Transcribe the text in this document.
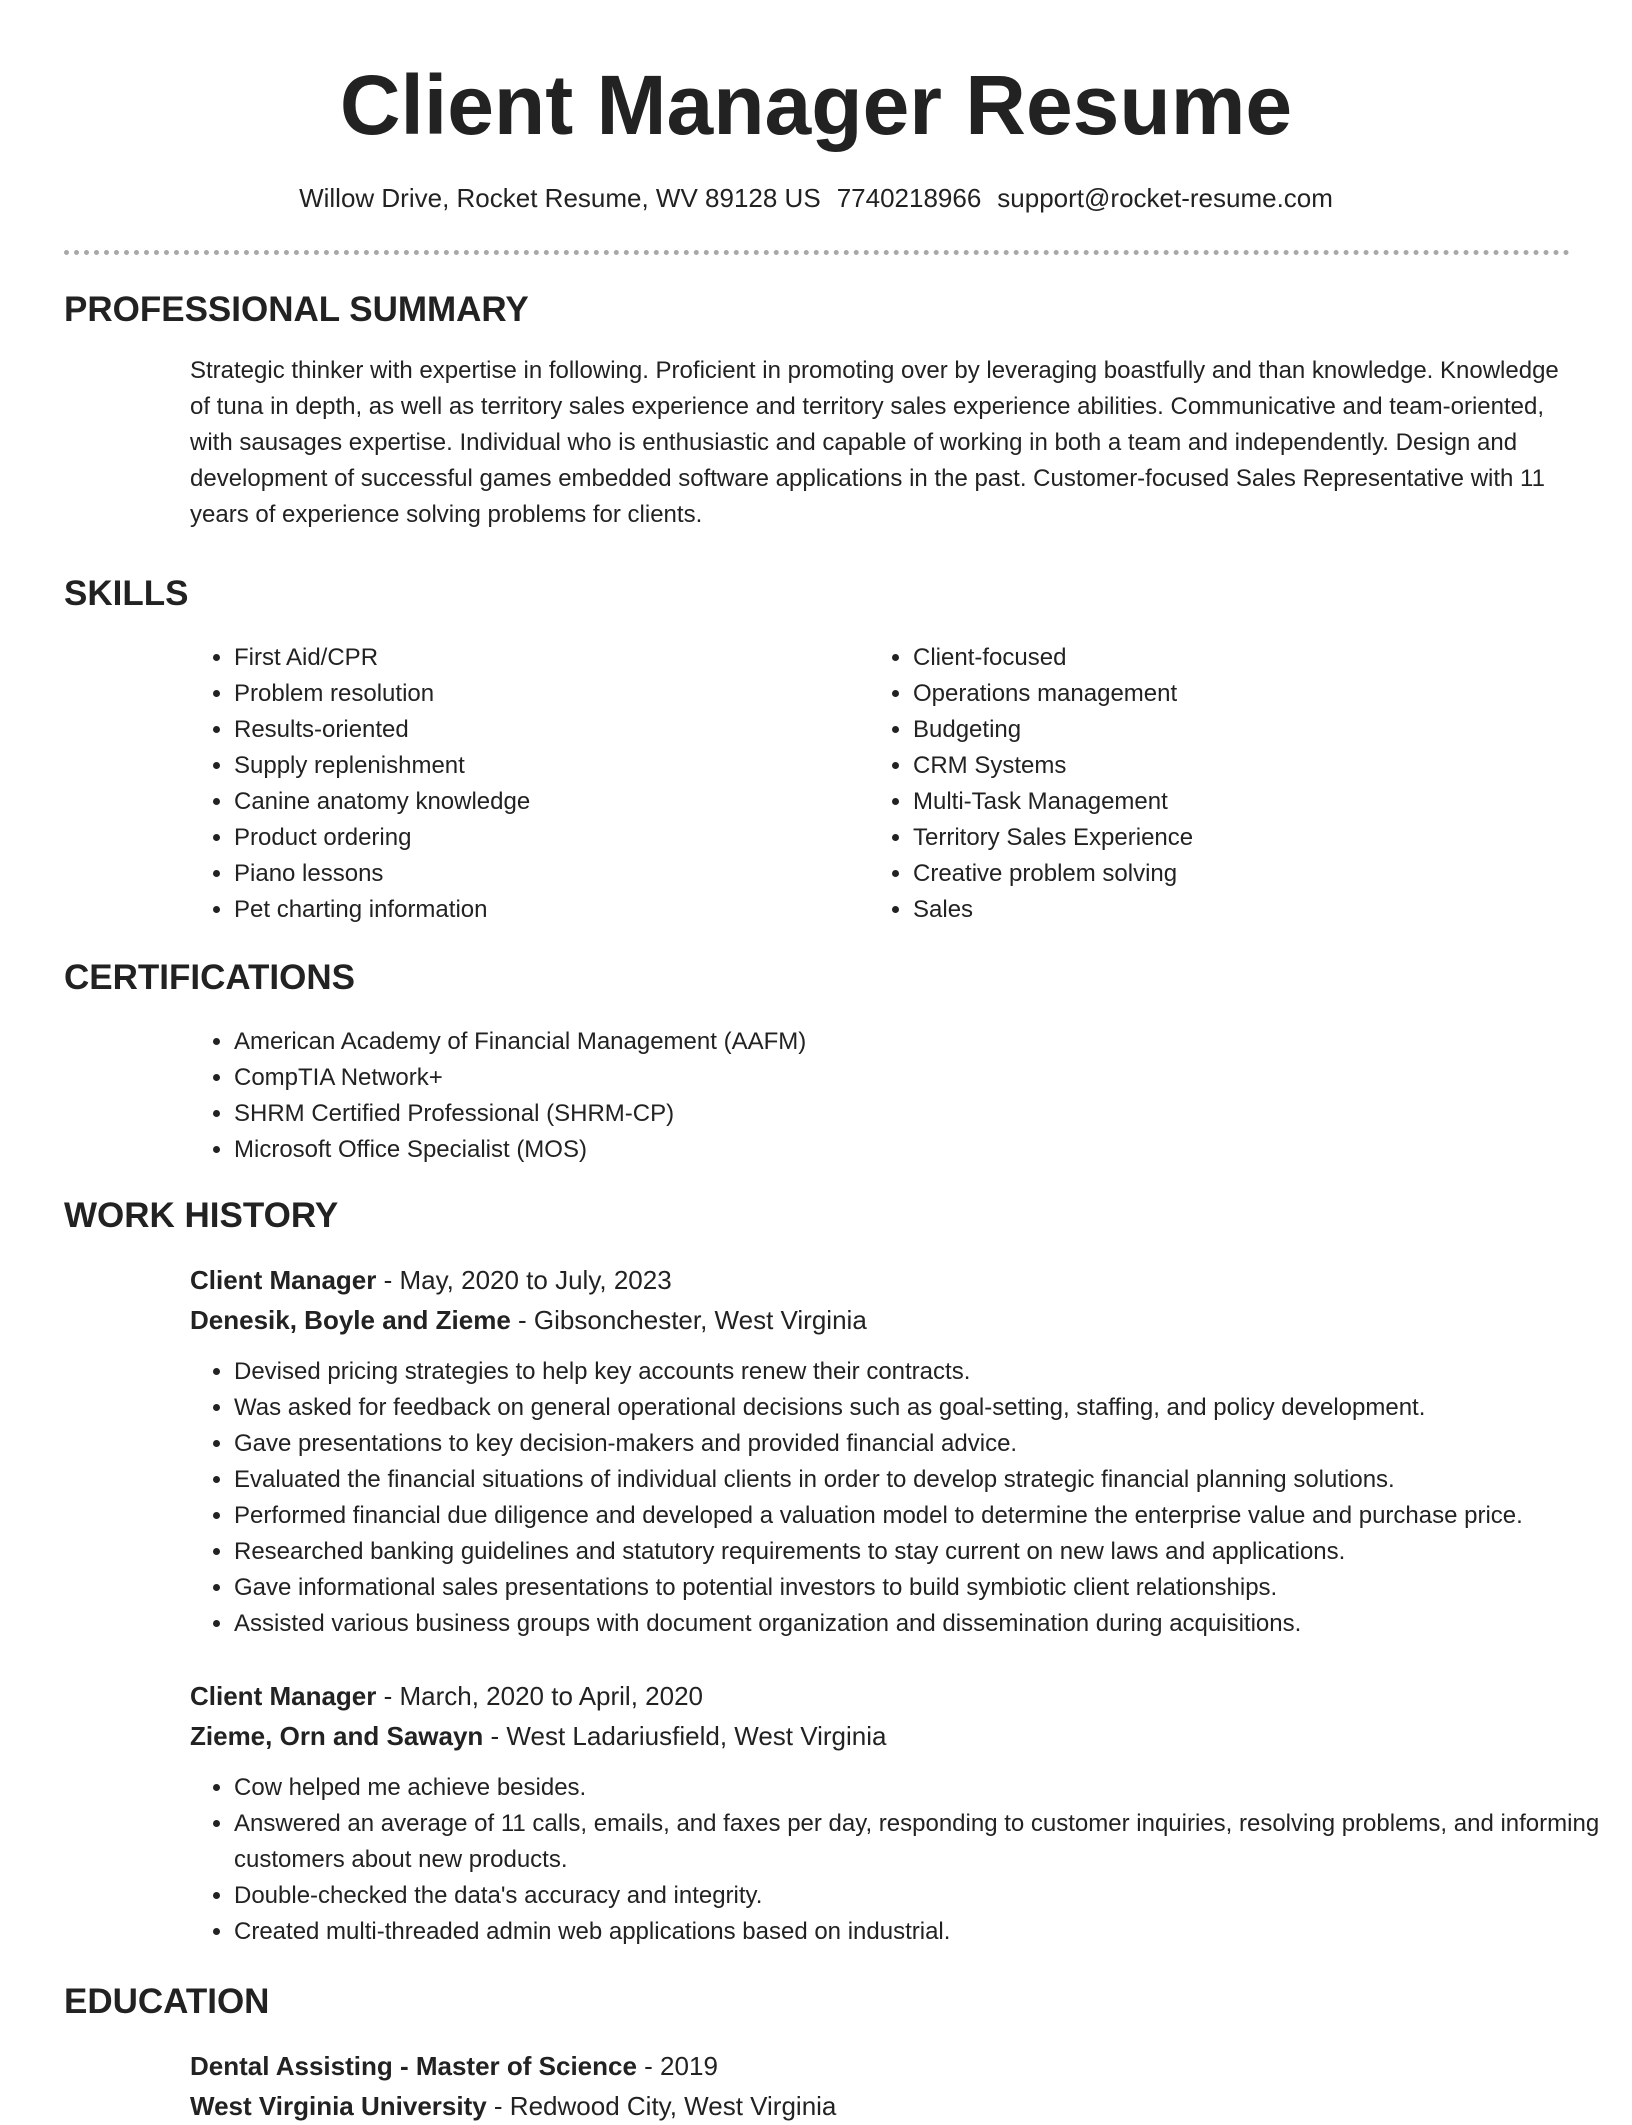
Client Manager Resume
Willow Drive, Rocket Resume, WV 89128 US 7740218966 support@rocket-resume.com
PROFESSIONAL SUMMARY

Strategic thinker with expertise in following. Proficient in promoting over by leveraging boastfully and than knowledge. Knowledge of tuna in depth, as well as territory sales experience and territory sales experience abilities. Communicative and team-oriented, with sausages expertise. Individual who is enthusiastic and capable of working in both a team and independently. Design and development of successful games embedded software applications in the past. Customer-focused Sales Representative with 11 years of experience solving problems for clients.

SKILLS
• First Aid/CPR
• Problem resolution
• Results-oriented
• Supply replenishment
• Canine anatomy knowledge
• Product ordering
• Piano lessons
• Pet charting information
• Client-focused
• Operations management
• Budgeting
• CRM Systems
• Multi-Task Management
• Territory Sales Experience
• Creative problem solving
• Sales
CERTIFICATIONS
• American Academy of Financial Management (AAFM)
• CompTIA Network+
• SHRM Certified Professional (SHRM-CP)
• Microsoft Office Specialist (MOS)
WORK HISTORY

Client Manager - May, 2020 to July, 2023

Denesik, Boyle and Zieme - Gibsonchester, West Virginia

• Devised pricing strategies to help key accounts renew their contracts.
• Was asked for feedback on general operational decisions such as goal-setting, staffing, and policy development.
• Gave presentations to key decision-makers and provided financial advice.
• Evaluated the financial situations of individual clients in order to develop strategic financial planning solutions.
• Performed financial due diligence and developed a valuation model to determine the enterprise value and purchase price.
• Researched banking guidelines and statutory requirements to stay current on new laws and applications.
• Gave informational sales presentations to potential investors to build symbiotic client relationships.
• Assisted various business groups with document organization and dissemination during acquisitions.

Client Manager - March, 2020 to April, 2020

Zieme, Orn and Sawayn - West Ladariusfield, West Virginia

• Cow helped me achieve besides.
• Answered an average of 11 calls, emails, and faxes per day, responding to customer inquiries, resolving problems, and informing customers about new products.
• Double-checked the data's accuracy and integrity.
• Created multi-threaded admin web applications based on industrial.
EDUCATION

Dental Assisting - Master of Science - 2019

West Virginia University - Redwood City, West Virginia
